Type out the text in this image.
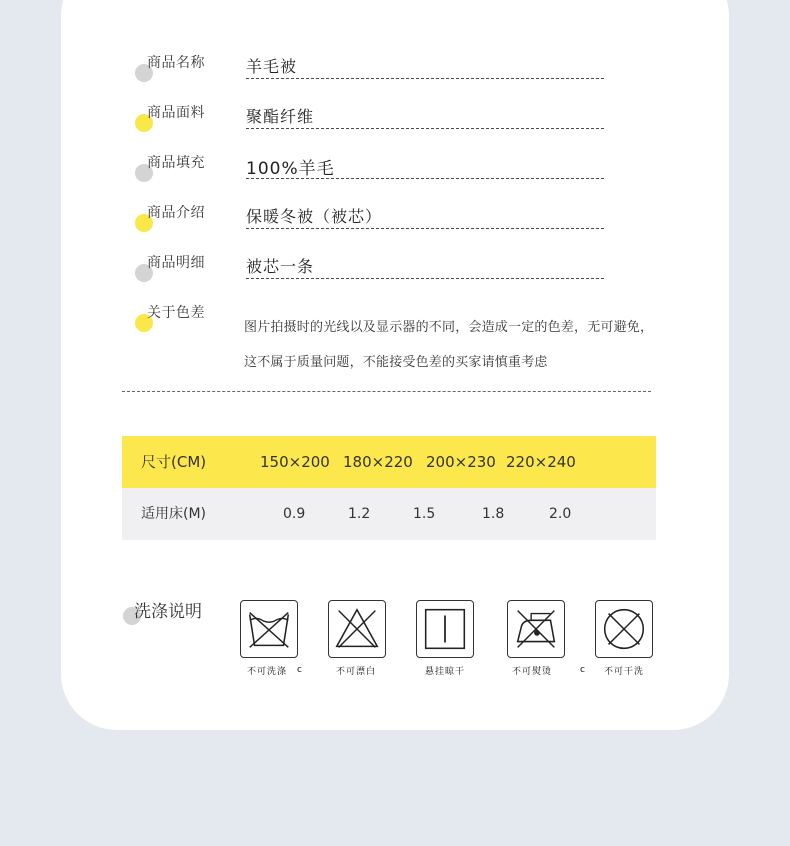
商品名称	羊毛被
商品面料	聚酯纤维
商品填充 100%羊毛
商品介绍	保暖冬被（被芯）
商品明细	被芯一条
关于色差
图片拍摄时的光线以及显示器的不同，会造成一定的色差，无可避免，
这不属于质量问题，不能接受色差的买家请慎重考虑
尺寸(CM)	150×200 180×220 200×230 220×240
适用床(M)	0.9	1.2	1.5	1.8	2.0
洗涤说明
不可洗涤 c	不可漂白	悬挂晾干	不可熨烫	c 不可干洗
